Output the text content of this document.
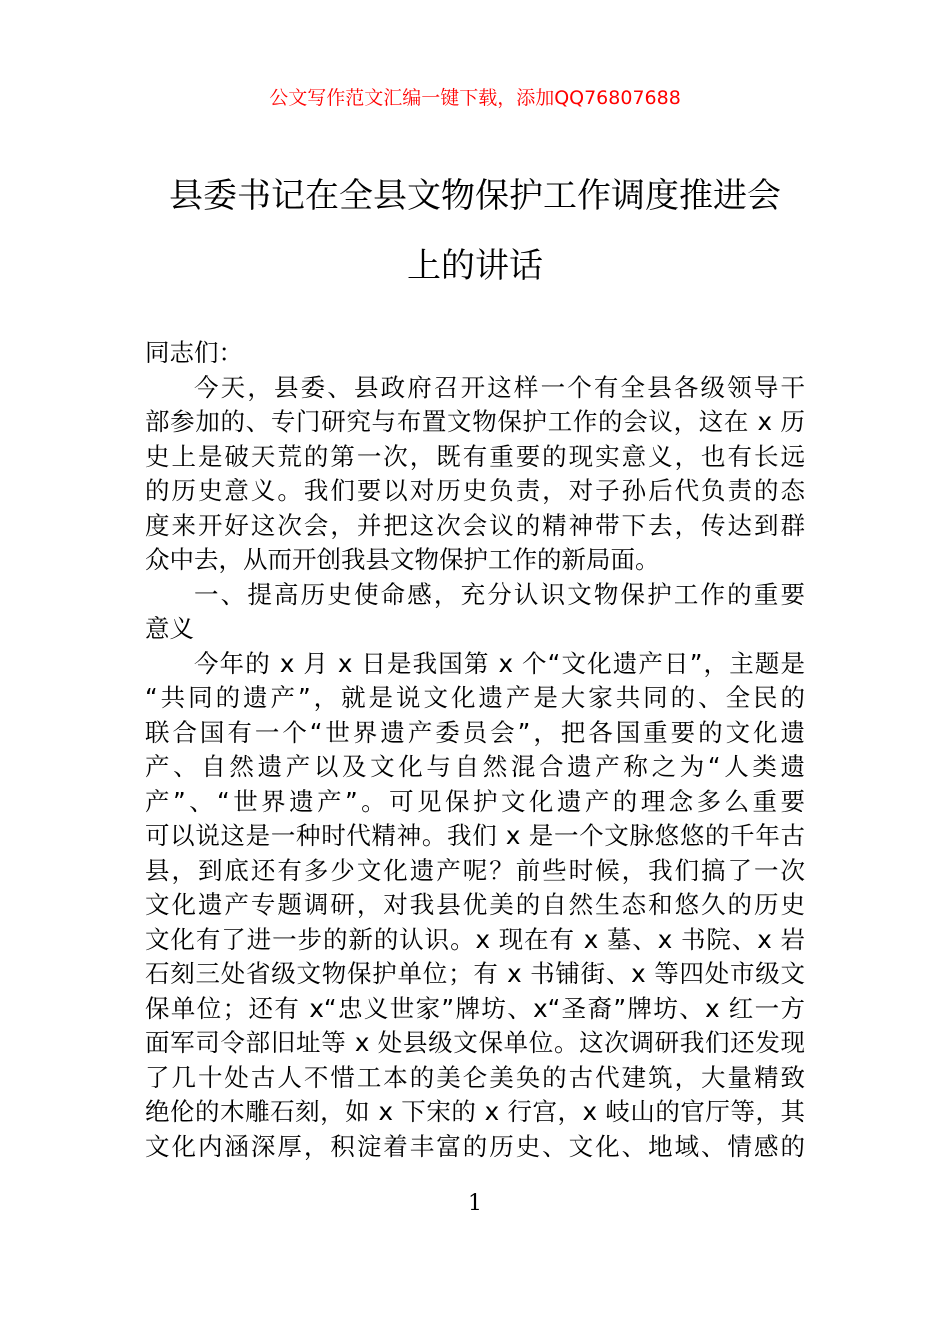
公文写作范文汇编一键下载，添加QQ76807688
县委书记在全县文物保护工作调度推进会
上的讲话
同志们：
今天，县委、县政府召开这样一个有全县各级领导干
部参加的、专门研究与布置文物保护工作的会议，这在 x 历
史上是破天荒的第一次，既有重要的现实意义，也有长远
的历史意义。我们要以对历史负责，对子孙后代负责的态
度来开好这次会，并把这次会议的精神带下去，传达到群
众中去，从而开创我县文物保护工作的新局面。
一、提高历史使命感，充分认识文物保护工作的重要
意义
今年的 x 月 x 日是我国第 x 个“文化遗产日”，主题是
“共同的遗产”，就是说文化遗产是大家共同的、全民的
联合国有一个“世界遗产委员会”，把各国重要的文化遗
产、自然遗产以及文化与自然混合遗产称之为“人类遗
产”、“世界遗产”。可见保护文化遗产的理念多么重要
可以说这是一种时代精神。我们 x 是一个文脉悠悠的千年古
县，到底还有多少文化遗产呢？前些时候，我们搞了一次
文化遗产专题调研，对我县优美的自然生态和悠久的历史
文化有了进一步的新的认识。x 现在有 x 墓、x 书院、x 岩
石刻三处省级文物保护单位；有 x 书铺街、x 等四处市级文
保单位；还有 x“忠义世家”牌坊、x“圣裔”牌坊、x 红一方
面军司令部旧址等 x 处县级文保单位。这次调研我们还发现
了几十处古人不惜工本的美仑美奂的古代建筑，大量精致
绝伦的木雕石刻，如 x 下宋的 x 行宫，x 岐山的官厅等，其
文化内涵深厚，积淀着丰富的历史、文化、地域、情感的
1
